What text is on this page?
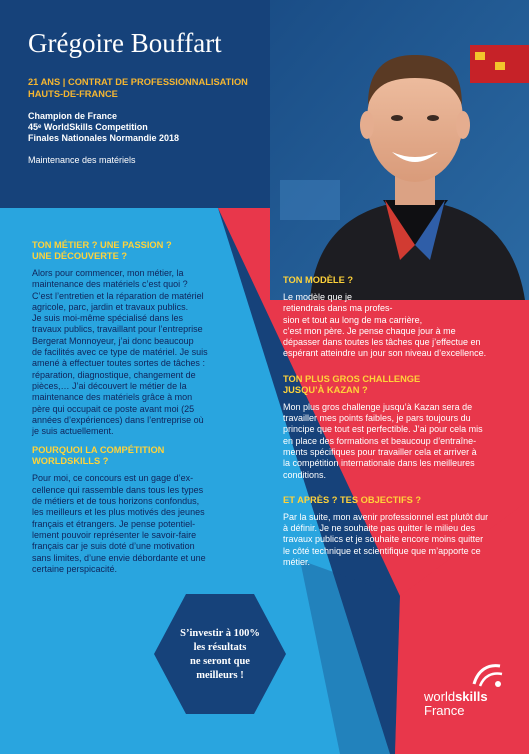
Grégoire Bouffart
21 ANS | CONTRAT DE PROFESSIONNALISATION
HAUTS-DE-FRANCE
Champion de France
45ᵉ WorldSkills Competition
Finales Nationales Normandie 2018
Maintenance des matériels
TON MÉTIER ? UNE PASSION ?
UNE DÉCOUVERTE ?
Alors pour commencer, mon métier, la
maintenance des matériels c’est quoi ?
C’est l’entretien et la réparation de matériel
agricole, parc, jardin et travaux publics.
Je suis moi-même spécialisé dans les
travaux publics, travaillant pour l’entreprise
Bergerat Monnoyeur, j’ai donc beaucoup
de facilités avec ce type de matériel. Je suis
amené à effectuer toutes sortes de tâches :
réparation, diagnostique, changement de
pièces,… J’ai découvert le métier de la
maintenance des matériels grâce à mon
père qui occupait ce poste avant moi (25
années d’expériences) dans l’entreprise où
je suis actuellement.
POURQUOI LA COMPÉTITION
WORLDSKILLS ?
Pour moi, ce concours est un gage d’ex-
cellence qui rassemble dans tous les types
de métiers et de tous horizons confondus,
les meilleurs et les plus motivés des jeunes
français et étrangers. Je pense potentiel-
lement pouvoir représenter le savoir-faire
français car je suis doté d’une motivation
sans limites, d’une envie débordante et une
certaine perspicacité.
TON MODÈLE ?
Le modèle que je
retiendrais dans ma profes-
sion et tout au long de ma carrière,
c’est mon père. Je pense chaque jour à me
dépasser dans toutes les tâches que j’effectue en
espérant atteindre un jour son niveau d’excellence.
TON PLUS GROS CHALLENGE
JUSQU’À KAZAN ?
Mon plus gros challenge jusqu’à Kazan sera de
travailler mes points faibles, je pars toujours du
principe que tout est perfectible. J’ai pour cela mis
en place des formations et beaucoup d’entraîne-
ments spécifiques pour travailler cela et arriver à
la compétition internationale dans les meilleures
conditions.
ET APRÈS ? TES OBJECTIFS ?
Par la suite, mon avenir professionnel est plutôt dur
à définir. Je ne souhaite pas quitter le milieu des
travaux publics et je souhaite encore moins quitter
le côté technique et scientifique que m’apporte ce
métier.
S’investir à 100%
les résultats
ne seront que
meilleurs !
worldskills
France
